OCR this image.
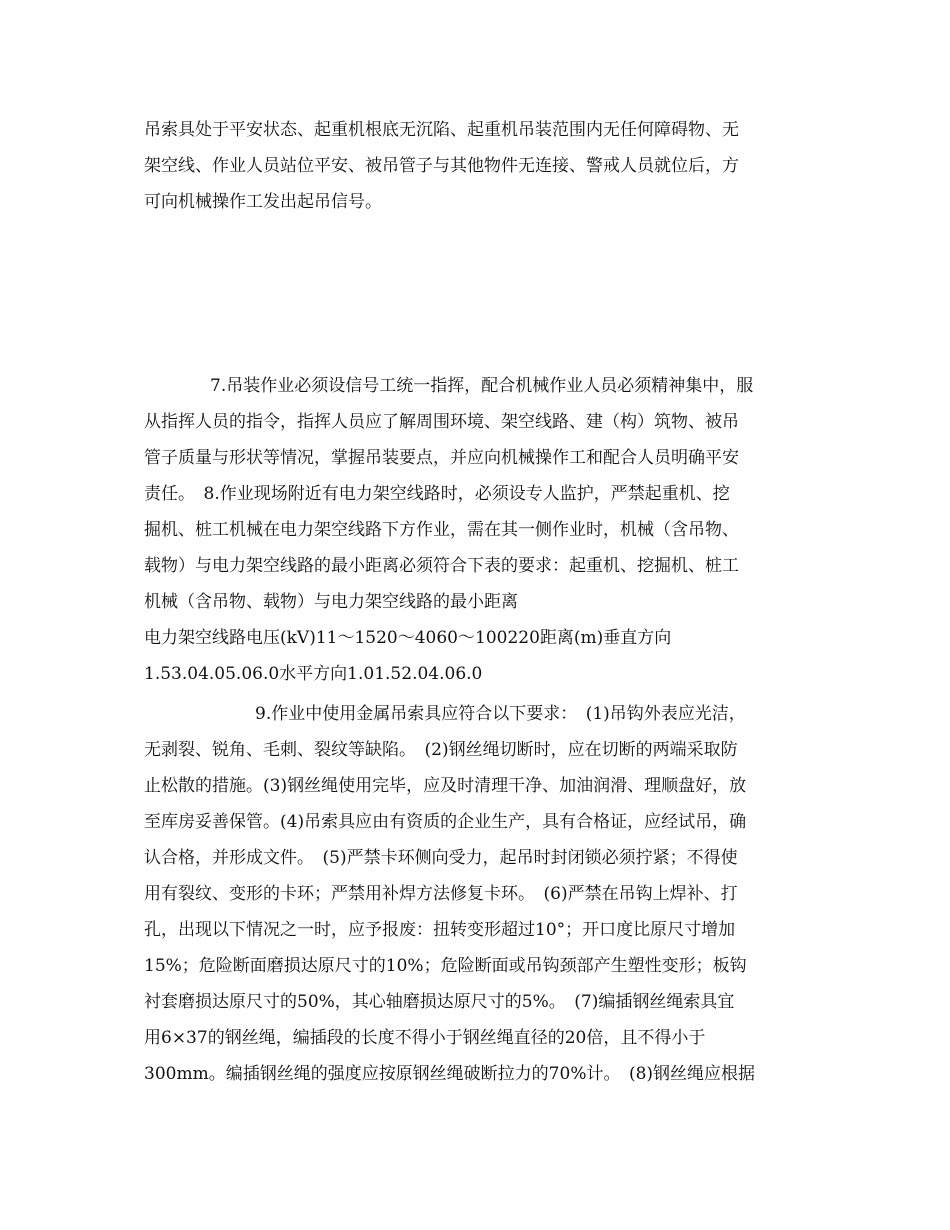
吊索具处于平安状态、起重机根底无沉陷、起重机吊装范围内无任何障碍物、无
架空线、作业人员站位平安、被吊管子与其他物件无连接、警戒人员就位后，方
可向机械操作工发出起吊信号。
7.吊装作业必须设信号工统一指挥，配合机械作业人员必须精神集中，服
从指挥人员的指令，指挥人员应了解周围环境、架空线路、建（构）筑物、被吊
管子质量与形状等情况，掌握吊装要点，并应向机械操作工和配合人员明确平安
责任。　8.作业现场附近有电力架空线路时，必须设专人监护，严禁起重机、挖
掘机、桩工机械在电力架空线路下方作业，需在其一侧作业时，机械（含吊物、
载物）与电力架空线路的最小距离必须符合下表的要求：起重机、挖掘机、桩工
机械（含吊物、载物）与电力架空线路的最小距离
电力架空线路电压(kV)11～1520～4060～100220距离(m)垂直方向
1.53.04.05.06.0水平方向1.01.52.04.06.0
9.作业中使用金属吊索具应符合以下要求：　(1)吊钩外表应光洁，
无剥裂、锐角、毛刺、裂纹等缺陷。　(2)钢丝绳切断时，应在切断的两端采取防
止松散的措施。(3)钢丝绳使用完毕，应及时清理干净、加油润滑、理顺盘好，放
至库房妥善保管。(4)吊索具应由有资质的企业生产，具有合格证，应经试吊，确
认合格，并形成文件。　(5)严禁卡环侧向受力，起吊时封闭锁必须拧紧；不得使
用有裂纹、变形的卡环；严禁用补焊方法修复卡环。　(6)严禁在吊钩上焊补、打
孔，出现以下情况之一时，应予报废：扭转变形超过10°；开口度比原尺寸增加
15%；危险断面磨损达原尺寸的10%；危险断面或吊钩颈部产生塑性变形；板钩
衬套磨损达原尺寸的50%，其心轴磨损达原尺寸的5%。　(7)编插钢丝绳索具宜
用6×37的钢丝绳，编插段的长度不得小于钢丝绳直径的20倍，且不得小于
300mm。编插钢丝绳的强度应按原钢丝绳破断拉力的70%计。　(8)钢丝绳应根据
